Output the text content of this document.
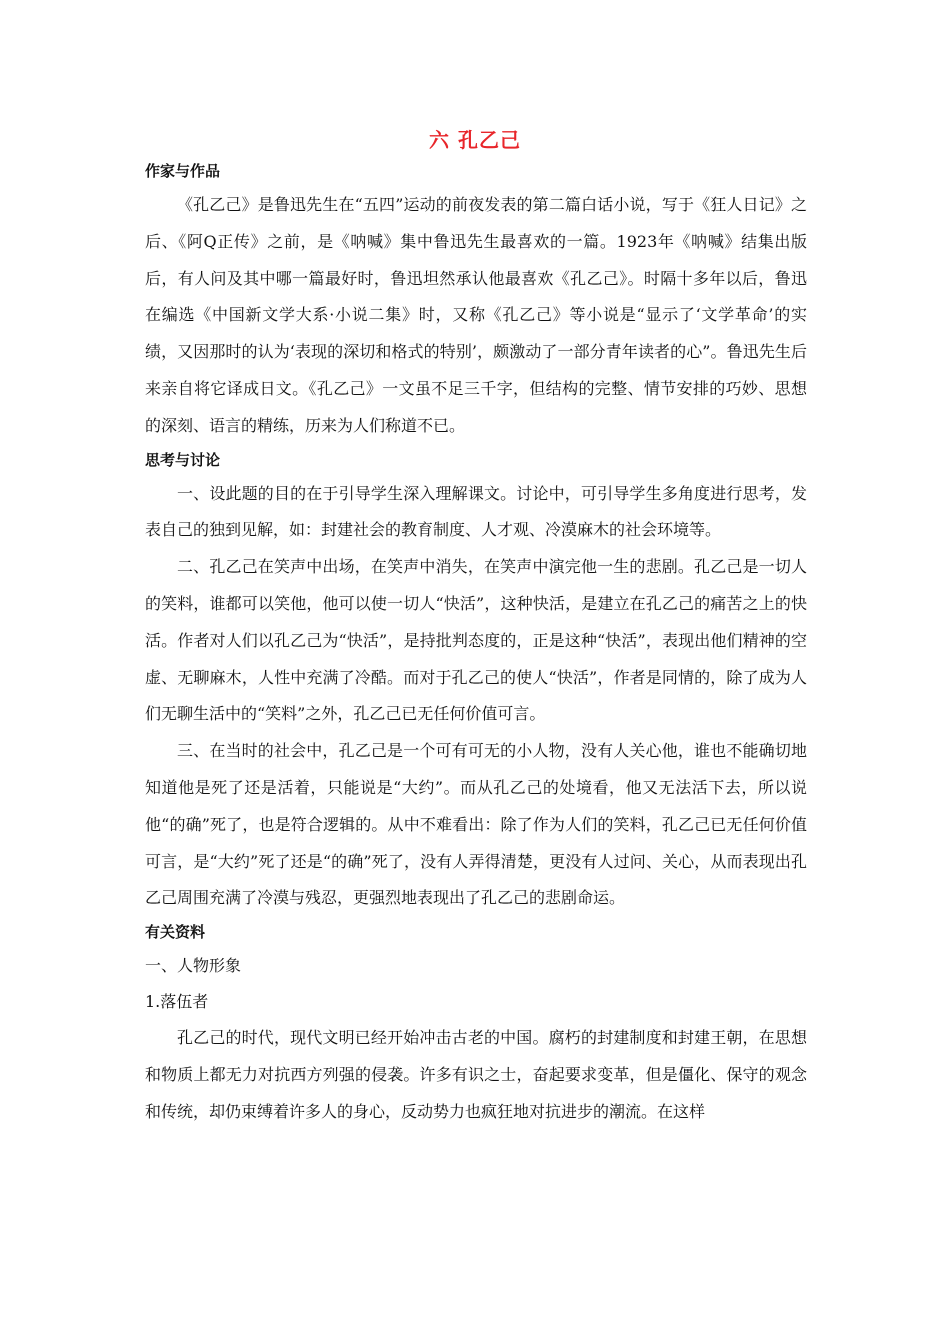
六 孔乙己

作家与作品

《孔乙己》是鲁迅先生在“五四”运动的前夜发表的第二篇白话小说，写于《狂人日记》之后、《阿Q正传》之前，是《呐喊》集中鲁迅先生最喜欢的一篇。1923年《呐喊》结集出版后，有人问及其中哪一篇最好时，鲁迅坦然承认他最喜欢《孔乙己》。时隔十多年以后，鲁迅在编选《中国新文学大系·小说二集》时，又称《孔乙己》等小说是“显示了‘文学革命’的实绩，又因那时的认为‘表现的深切和格式的特别’，颇激动了一部分青年读者的心”。鲁迅先生后来亲自将它译成日文。《孔乙己》一文虽不足三千字，但结构的完整、情节安排的巧妙、思想的深刻、语言的精练，历来为人们称道不已。

思考与讨论

一、设此题的目的在于引导学生深入理解课文。讨论中，可引导学生多角度进行思考，发表自己的独到见解，如：封建社会的教育制度、人才观、冷漠麻木的社会环境等。

二、孔乙己在笑声中出场，在笑声中消失，在笑声中演完他一生的悲剧。孔乙己是一切人的笑料，谁都可以笑他，他可以使一切人“快活”，这种快活，是建立在孔乙己的痛苦之上的快活。作者对人们以孔乙己为“快活”，是持批判态度的，正是这种“快活”，表现出他们精神的空虚、无聊麻木，人性中充满了冷酷。而对于孔乙己的使人“快活”，作者是同情的，除了成为人们无聊生活中的“笑料”之外，孔乙己已无任何价值可言。

三、在当时的社会中，孔乙己是一个可有可无的小人物，没有人关心他，谁也不能确切地知道他是死了还是活着，只能说是“大约”。而从孔乙己的处境看，他又无法活下去，所以说他“的确”死了，也是符合逻辑的。从中不难看出：除了作为人们的笑料，孔乙己已无任何价值可言，是“大约”死了还是“的确”死了，没有人弄得清楚，更没有人过问、关心，从而表现出孔乙己周围充满了冷漠与残忍，更强烈地表现出了孔乙己的悲剧命运。

有关资料

一、人物形象

1.落伍者

孔乙己的时代，现代文明已经开始冲击古老的中国。腐朽的封建制度和封建王朝，在思想和物质上都无力对抗西方列强的侵袭。许多有识之士，奋起要求变革，但是僵化、保守的观念和传统，却仍束缚着许多人的身心，反动势力也疯狂地对抗进步的潮流。在这样
